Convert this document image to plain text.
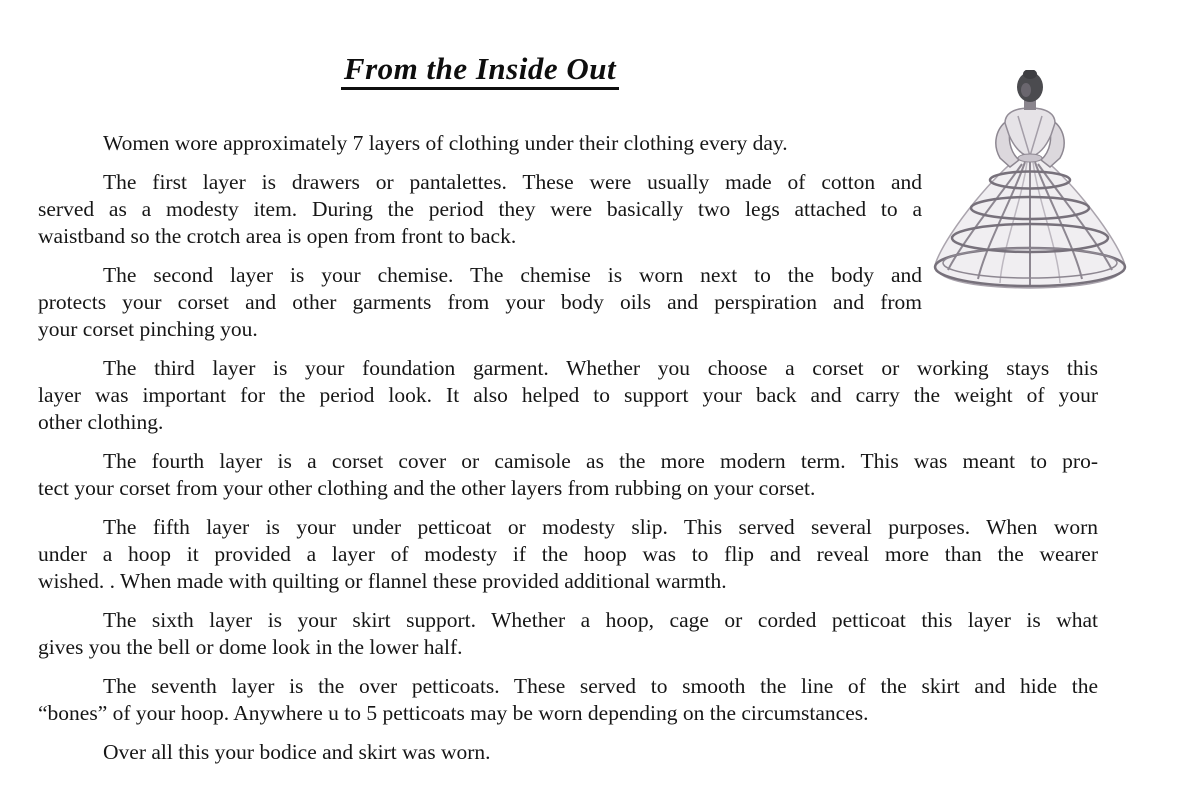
From the Inside Out
Women wore approximately 7 layers of clothing under their clothing every day.
The first layer is drawers or pantalettes. These were usually made of cotton and
served as a modesty item. During the period they were basically two legs attached to a
waistband so the crotch area is open from front to back.
The second layer is your chemise. The chemise is worn next to the body and
protects your corset and other garments from your body oils and perspiration and from
your corset pinching you.
The third layer is your foundation garment. Whether you choose a corset or working stays this
layer was important for the period look. It also helped to support your back and carry the weight of your
other clothing.
The fourth layer is a corset cover or camisole as the more modern term. This was meant to pro-
tect your corset from your other clothing and the other layers from rubbing on your corset.
The fifth layer is your under petticoat or modesty slip. This served several purposes. When worn
under a hoop it provided a layer of modesty if the hoop was to flip and reveal more than the wearer
wished. . When made with quilting or flannel these provided additional warmth.
The sixth layer is your skirt support. Whether a hoop, cage or corded petticoat this layer is what
gives you the bell or dome look in the lower half.
The seventh layer is the over petticoats. These served to smooth the line of the skirt and hide the
“bones” of your hoop. Anywhere u to 5 petticoats may be worn depending on the circumstances.
Over all this your bodice and skirt was worn.
